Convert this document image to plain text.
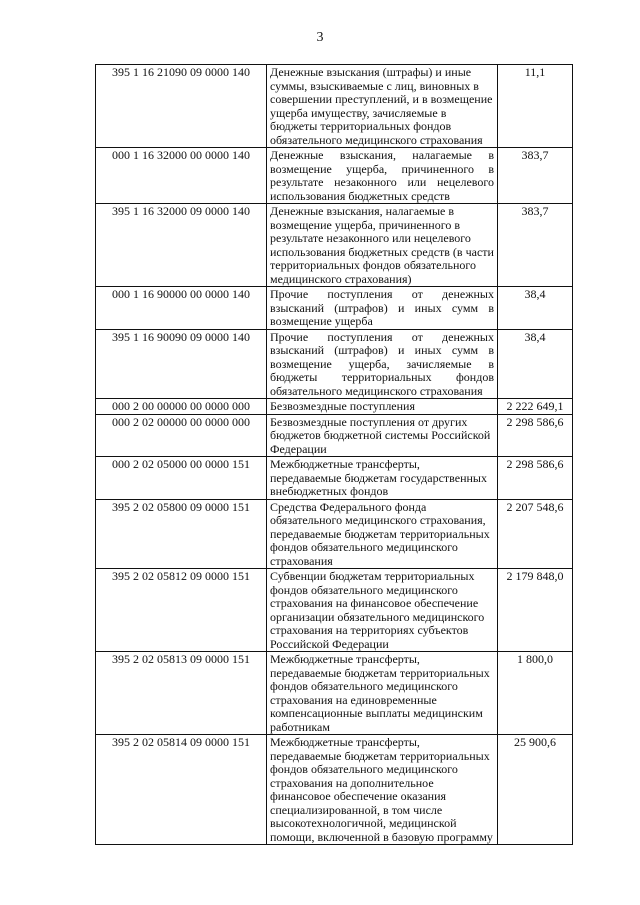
3
395 1 16 21090 09 0000 140	Денежные взыскания (штрафы) и иные суммы, взыскиваемые с лиц, виновных в совершении преступлений, и в возмещение ущерба имуществу, зачисляемые в бюджеты территориальных фондов обязательного медицинского страхования	11,1
000 1 16 32000 00 0000 140	Денежные взыскания, налагаемые в возмещение ущерба, причиненного в результате незаконного или нецелевого использования бюджетных средств	383,7
395 1 16 32000 09 0000 140	Денежные взыскания, налагаемые в возмещение ущерба, причиненного в результате незаконного или нецелевого использования бюджетных средств (в части территориальных фондов обязательного медицинского страхования)	383,7
000 1 16 90000 00 0000 140	Прочие поступления от денежных взысканий (штрафов) и иных сумм в возмещение ущерба	38,4
395 1 16 90090 09 0000 140	Прочие поступления от денежных взысканий (штрафов) и иных сумм в возмещение ущерба, зачисляемые в бюджеты территориальных фондов обязательного медицинского страхования	38,4
000 2 00 00000 00 0000 000	Безвозмездные поступления	2 222 649,1
000 2 02 00000 00 0000 000	Безвозмездные поступления от других бюджетов бюджетной системы Российской Федерации	2 298 586,6
000 2 02 05000 00 0000 151	Межбюджетные трансферты, передаваемые бюджетам государственных внебюджетных фондов	2 298 586,6
395 2 02 05800 09 0000 151	Средства Федерального фонда обязательного медицинского страхования, передаваемые бюджетам территориальных фондов обязательного медицинского страхования	2 207 548,6
395 2 02 05812 09 0000 151	Субвенции бюджетам территориальных фондов обязательного медицинского страхования на финансовое обеспечение организации обязательного медицинского страхования на территориях субъектов Российской Федерации	2 179 848,0
395 2 02 05813 09 0000 151	Межбюджетные трансферты, передаваемые бюджетам территориальных фондов обязательного медицинского страхования на единовременные компенсационные выплаты медицинским работникам	1 800,0
395 2 02 05814 09 0000 151	Межбюджетные трансферты, передаваемые бюджетам территориальных фондов обязательного медицинского страхования на дополнительное финансовое обеспечение оказания специализированной, в том числе высокотехнологичной, медицинской помощи, включенной в базовую программу	25 900,6
